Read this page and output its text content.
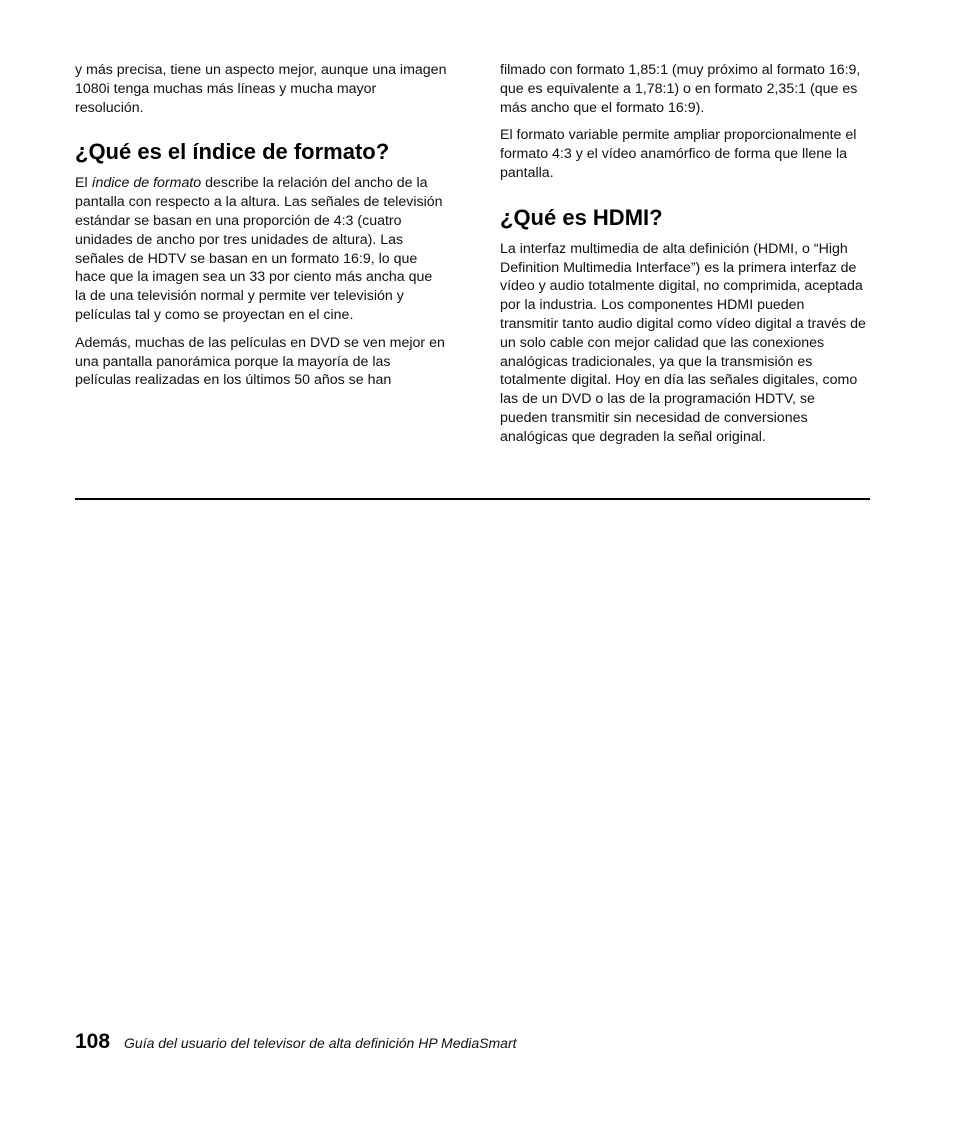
y más precisa, tiene un aspecto mejor, aunque una imagen 1080i tenga muchas más líneas y mucha mayor resolución.

¿Qué es el índice de formato?

El índice de formato describe la relación del ancho de la pantalla con respecto a la altura. Las señales de televisión estándar se basan en una proporción de 4:3 (cuatro unidades de ancho por tres unidades de altura). Las señales de HDTV se basan en un formato 16:9, lo que hace que la imagen sea un 33 por ciento más ancha que la de una televisión normal y permite ver televisión y películas tal y como se proyectan en el cine.

Además, muchas de las películas en DVD se ven mejor en una pantalla panorámica porque la mayoría de las películas realizadas en los últimos 50 años se han

filmado con formato 1,85:1 (muy próximo al formato 16:9, que es equivalente a 1,78:1) o en formato 2,35:1 (que es más ancho que el formato 16:9).

El formato variable permite ampliar proporcionalmente el formato 4:3 y el vídeo anamórfico de forma que llene la pantalla.

¿Qué es HDMI?

La interfaz multimedia de alta definición (HDMI, o “High Definition Multimedia Interface”) es la primera interfaz de vídeo y audio totalmente digital, no comprimida, aceptada por la industria. Los componentes HDMI pueden transmitir tanto audio digital como vídeo digital a través de un solo cable con mejor calidad que las conexiones analógicas tradicionales, ya que la transmisión es totalmente digital. Hoy en día las señales digitales, como las de un DVD o las de la programación HDTV, se pueden transmitir sin necesidad de conversiones analógicas que degraden la señal original.

108 Guía del usuario del televisor de alta definición HP MediaSmart
